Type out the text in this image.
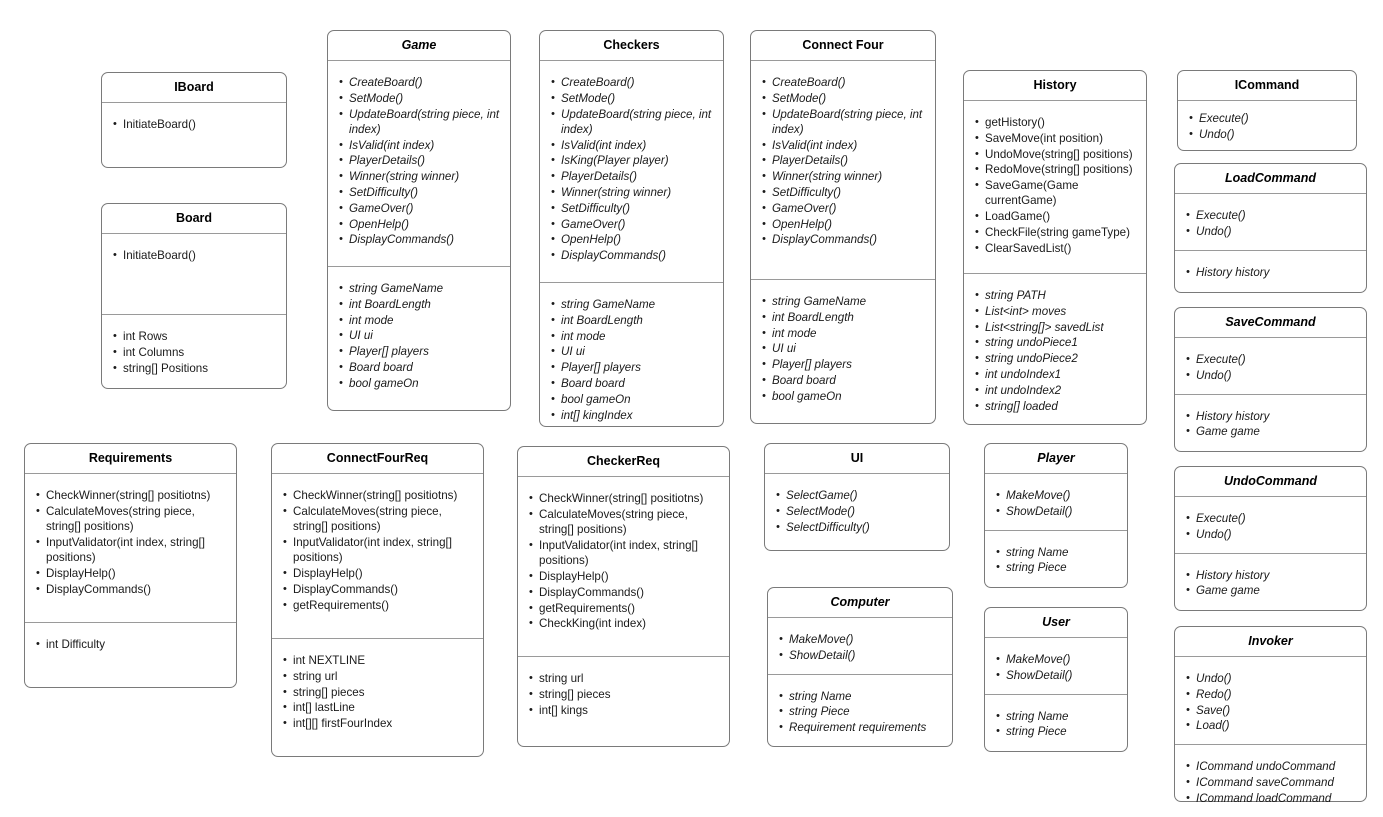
IBoard
• InitiateBoard()
Board
• InitiateBoard()
• int Rows
• int Columns
• string[] Positions
Game
• CreateBoard()
• SetMode()
• UpdateBoard(string piece, int index)
• IsValid(int index)
• PlayerDetails()
• Winner(string winner)
• SetDifficulty()
• GameOver()
• OpenHelp()
• DisplayCommands()
• string GameName
• int BoardLength
• int mode
• UI ui
• Player[] players
• Board board
• bool gameOn
Checkers
• CreateBoard()
• SetMode()
• UpdateBoard(string piece, int index)
• IsValid(int index)
• IsKing(Player player)
• PlayerDetails()
• Winner(string winner)
• SetDifficulty()
• GameOver()
• OpenHelp()
• DisplayCommands()
• string GameName
• int BoardLength
• int mode
• UI ui
• Player[] players
• Board board
• bool gameOn
• int[] kingIndex
Connect Four
• CreateBoard()
• SetMode()
• UpdateBoard(string piece, int index)
• IsValid(int index)
• PlayerDetails()
• Winner(string winner)
• SetDifficulty()
• GameOver()
• OpenHelp()
• DisplayCommands()
• string GameName
• int BoardLength
• int mode
• UI ui
• Player[] players
• Board board
• bool gameOn
History
• getHistory()
• SaveMove(int position)
• UndoMove(string[] positions)
• RedoMove(string[] positions)
• SaveGame(Game currentGame)
• LoadGame()
• CheckFile(string gameType)
• ClearSavedList()
• string PATH
• List<int> moves
• List<string[]> savedList
• string undoPiece1
• string undoPiece2
• int undoIndex1
• int undoIndex2
• string[] loaded
ICommand
• Execute()
• Undo()
LoadCommand
• Execute()
• Undo()
• History history
SaveCommand
• Execute()
• Undo()
• History history
• Game game
UndoCommand
• Execute()
• Undo()
• History history
• Game game
Invoker
• Undo()
• Redo()
• Save()
• Load()
• ICommand undoCommand
• ICommand saveCommand
• ICommand loadCommand
Requirements
• CheckWinner(string[] positiotns)
• CalculateMoves(string piece, string[] positions)
• InputValidator(int index, string[] positions)
• DisplayHelp()
• DisplayCommands()
• int Difficulty
ConnectFourReq
• CheckWinner(string[] positiotns)
• CalculateMoves(string piece, string[] positions)
• InputValidator(int index, string[] positions)
• DisplayHelp()
• DisplayCommands()
• getRequirements()
• int NEXTLINE
• string url
• string[] pieces
• int[] lastLine
• int[][] firstFourIndex
CheckerReq
• CheckWinner(string[] positiotns)
• CalculateMoves(string piece, string[] positions)
• InputValidator(int index, string[] positions)
• DisplayHelp()
• DisplayCommands()
• getRequirements()
• CheckKing(int index)
• string url
• string[] pieces
• int[] kings
UI
• SelectGame()
• SelectMode()
• SelectDifficulty()
Computer
• MakeMove()
• ShowDetail()
• string Name
• string Piece
• Requirement requirements
Player
• MakeMove()
• ShowDetail()
• string Name
• string Piece
User
• MakeMove()
• ShowDetail()
• string Name
• string Piece
